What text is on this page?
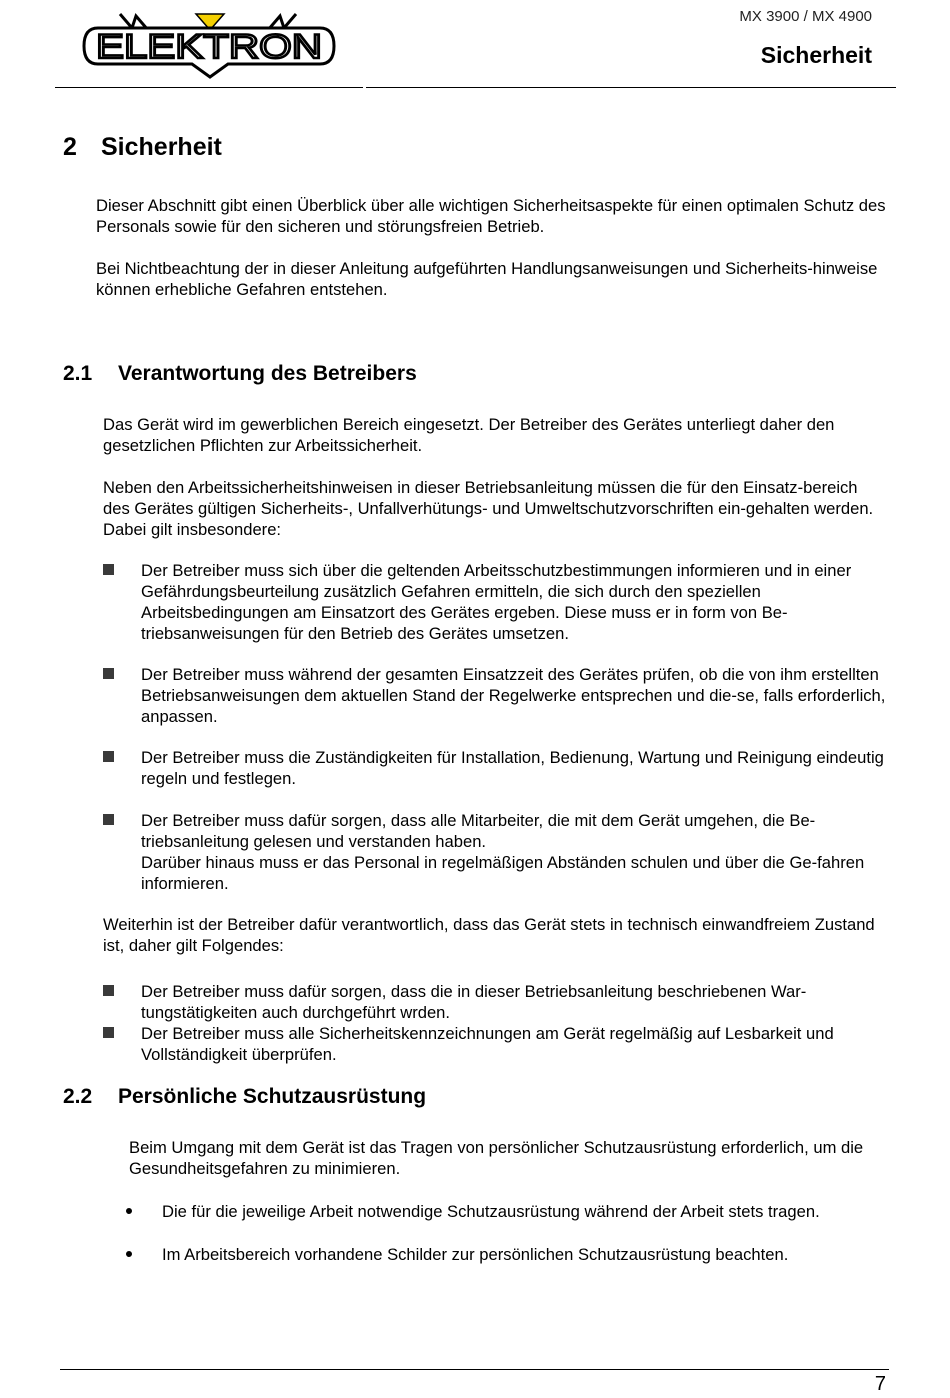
ELEKTRON
MX 3900 / MX 4900
Sicherheit
2 Sicherheit

Dieser Abschnitt gibt einen Überblick über alle wichtigen Sicherheitsaspekte für einen optimalen Schutz des Personals sowie für den sicheren und störungsfreien Betrieb.

Bei Nichtbeachtung der in dieser Anleitung aufgeführten Handlungsanweisungen und Sicherheits-hinweise können erhebliche Gefahren entstehen.

2.1 Verantwortung des Betreibers

Das Gerät wird im gewerblichen Bereich eingesetzt. Der Betreiber des Gerätes unterliegt daher den gesetzlichen Pflichten zur Arbeitssicherheit.

Neben den Arbeitssicherheitshinweisen in dieser Betriebsanleitung müssen die für den Einsatz-bereich des Gerätes gültigen Sicherheits-, Unfallverhütungs- und Umweltschutzvorschriften ein-gehalten werden. Dabei gilt insbesondere:

Der Betreiber muss sich über die geltenden Arbeitsschutzbestimmungen informieren und in einer Gefährdungsbeurteilung zusätzlich Gefahren ermitteln, die sich durch den speziellen Arbeitsbedingungen am Einsatzort des Gerätes ergeben. Diese muss er in form von Be-triebsanweisungen für den Betrieb des Gerätes umsetzen.
Der Betreiber muss während der gesamten Einsatzzeit des Gerätes prüfen, ob die von ihm erstellten Betriebsanweisungen dem aktuellen Stand der Regelwerke entsprechen und die-se, falls erforderlich, anpassen.
Der Betreiber muss die Zuständigkeiten für Installation, Bedienung, Wartung und Reinigung eindeutig regeln und festlegen.
Der Betreiber muss dafür sorgen, dass alle Mitarbeiter, die mit dem Gerät umgehen, die Be-triebsanleitung gelesen und verstanden haben.
Darüber hinaus muss er das Personal in regelmäßigen Abständen schulen und über die Ge-fahren informieren.

Weiterhin ist der Betreiber dafür verantwortlich, dass das Gerät stets in technisch einwandfreiem Zustand ist, daher gilt Folgendes:

Der Betreiber muss dafür sorgen, dass die in dieser Betriebsanleitung beschriebenen War-tungstätigkeiten auch durchgeführt wrden.
Der Betreiber muss alle Sicherheitskennzeichnungen am Gerät regelmäßig auf Lesbarkeit und Vollständigkeit überprüfen.
2.2 Persönliche Schutzausrüstung

Beim Umgang mit dem Gerät ist das Tragen von persönlicher Schutzausrüstung erforderlich, um die Gesundheitsgefahren zu minimieren.

Die für die jeweilige Arbeit notwendige Schutzausrüstung während der Arbeit stets tragen.
Im Arbeitsbereich vorhandene Schilder zur persönlichen Schutzausrüstung beachten.
7
